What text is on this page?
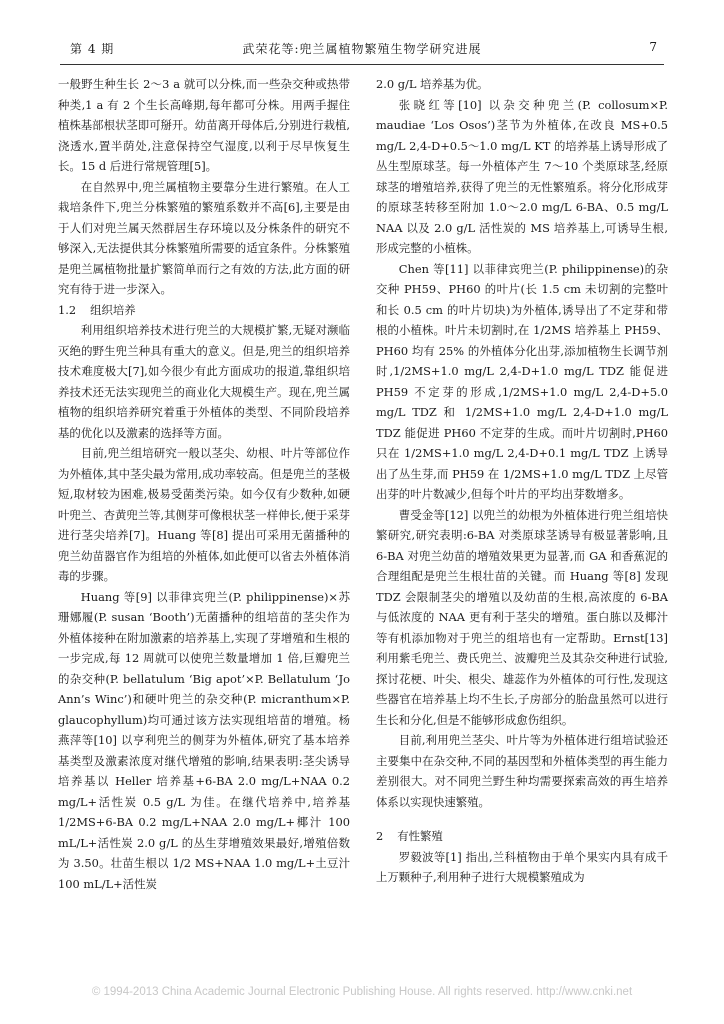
第 4 期	武荣花等:兜兰属植物繁殖生物学研究进展	7

一般野生种生长 2～3 a 就可以分株,而一些杂交种或热带种类,1 a 有 2 个生长高峰期,每年都可分株。用两手握住植株基部根状茎即可掰开。幼苗离开母体后,分别进行栽植,浇透水,置半荫处,注意保持空气湿度,以利于尽早恢复生长。15 d 后进行常规管理[5]。

在自然界中,兜兰属植物主要靠分生进行繁殖。在人工栽培条件下,兜兰分株繁殖的繁殖系数并不高[6],主要是由于人们对兜兰属天然群居生存环境以及分株条件的研究不够深入,无法提供其分株繁殖所需要的适宜条件。分株繁殖是兜兰属植物批量扩繁简单而行之有效的方法,此方面的研究有待于进一步深入。

1.2 组织培养

利用组织培养技术进行兜兰的大规模扩繁,无疑对濒临灭绝的野生兜兰种具有重大的意义。但是,兜兰的组织培养技术难度极大[7],如今很少有此方面成功的报道,靠组织培养技术还无法实现兜兰的商业化大规模生产。现在,兜兰属植物的组织培养研究着重于外植体的类型、不同阶段培养基的优化以及激素的选择等方面。

目前,兜兰组培研究一般以茎尖、幼根、叶片等部位作为外植体,其中茎尖最为常用,成功率较高。但是兜兰的茎极短,取材较为困难,极易受菌类污染。如今仅有少数种,如硬叶兜兰、杏黄兜兰等,其侧芽可像根状茎一样伸长,便于采芽进行茎尖培养[7]。Huang 等[8] 提出可采用无菌播种的兜兰幼苗器官作为组培的外植体,如此便可以省去外植体消毒的步骤。

Huang 等[9] 以菲律宾兜兰(P. philippinense)×苏珊娜履(P. susan ‘Booth’)无菌播种的组培苗的茎尖作为外植体接种在附加激素的培养基上,实现了芽增殖和生根的一步完成,每 12 周就可以使兜兰数量增加 1 倍,巨瓣兜兰的杂交种(P. bellatulum ‘Big apot’×P. Bellatulum ‘Jo Ann’s Winc’)和硬叶兜兰的杂交种(P. micranthum×P. glaucophyllum)均可通过该方法实现组培苗的增殖。杨燕萍等[10] 以亨利兜兰的侧芽为外植体,研究了基本培养基类型及激素浓度对继代增殖的影响,结果表明:茎尖诱导培养基以 Heller 培养基+6-BA 2.0 mg/L+NAA 0.2 mg/L+活性炭 0.5 g/L 为佳。在继代培养中,培养基 1/2MS+6-BA 0.2 mg/L+NAA 2.0 mg/L+椰汁 100 mL/L+活性炭 2.0 g/L 的丛生芽增殖效果最好,增殖倍数为 3.50。壮苗生根以 1/2 MS+NAA 1.0 mg/L+土豆汁 100 mL/L+活性炭

2.0 g/L 培养基为优。

张晓红等[10] 以杂交种兜兰(P. collosum×P. maudiae ‘Los Osos’)茎节为外植体,在改良 MS+0.5 mg/L 2,4-D+0.5～1.0 mg/L KT 的培养基上诱导形成了丛生型原球茎。每一外植体产生 7～10 个类原球茎,经原球茎的增殖培养,获得了兜兰的无性繁殖系。将分化形成芽的原球茎转移至附加 1.0～2.0 mg/L 6-BA、0.5 mg/L NAA 以及 2.0 g/L 活性炭的 MS 培养基上,可诱导生根,形成完整的小植株。

Chen 等[11] 以菲律宾兜兰(P. philippinense)的杂交种 PH59、PH60 的叶片(长 1.5 cm 未切割的完整叶和长 0.5 cm 的叶片切块)为外植体,诱导出了不定芽和带根的小植株。叶片未切割时,在 1/2MS 培养基上 PH59、PH60 均有 25% 的外植体分化出芽,添加植物生长调节剂时,1/2MS+1.0 mg/L 2,4-D+1.0 mg/L TDZ 能促进 PH59 不定芽的形成,1/2MS+1.0 mg/L 2,4-D+5.0 mg/L TDZ 和 1/2MS+1.0 mg/L 2,4-D+1.0 mg/L TDZ 能促进 PH60 不定芽的生成。而叶片切割时,PH60 只在 1/2MS+1.0 mg/L 2,4-D+0.1 mg/L TDZ 上诱导出了丛生芽,而 PH59 在 1/2MS+1.0 mg/L TDZ 上尽管出芽的叶片数减少,但每个叶片的平均出芽数增多。

曹受金等[12] 以兜兰的幼根为外植体进行兜兰组培快繁研究,研究表明:6-BA 对类原球茎诱导有极显著影响,且 6-BA 对兜兰幼苗的增殖效果更为显著,而 GA 和香蕉泥的合理组配是兜兰生根壮苗的关键。而 Huang 等[8] 发现 TDZ 会限制茎尖的增殖以及幼苗的生根,高浓度的 6-BA 与低浓度的 NAA 更有利于茎尖的增殖。蛋白胨以及椰汁等有机添加物对于兜兰的组培也有一定帮助。Ernst[13] 利用紫毛兜兰、费氏兜兰、波瓣兜兰及其杂交种进行试验,探讨花梗、叶尖、根尖、雄蕊作为外植体的可行性,发现这些器官在培养基上均不生长,子房部分的胎盘虽然可以进行生长和分化,但是不能够形成愈伤组织。

目前,利用兜兰茎尖、叶片等为外植体进行组培试验还主要集中在杂交种,不同的基因型和外植体类型的再生能力差别很大。对不同兜兰野生种均需要探索高效的再生培养体系以实现快速繁殖。

2 有性繁殖

罗毅波等[1] 指出,兰科植物由于单个果实内具有成千上万颗种子,利用种子进行大规模繁殖成为

© 1994-2013 China Academic Journal Electronic Publishing House. All rights reserved. http://www.cnki.net
